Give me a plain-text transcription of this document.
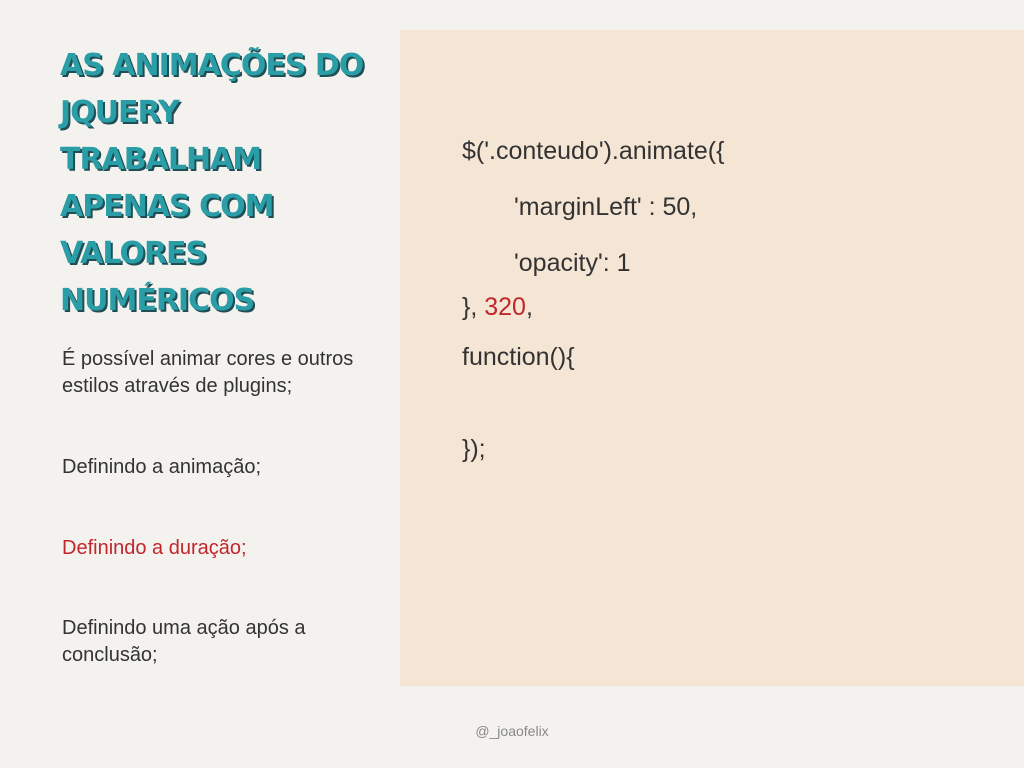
AS ANIMAÇÕES DO
JQUERY
TRABALHAM
APENAS COM
VALORES
NUMÉRICOS

É possível animar cores e outros estilos através de plugins;

Definindo a animação;

Definindo a duração;

Definindo uma ação após a conclusão;

$('.conteudo').animate({
'marginLeft' : 50,
'opacity': 1
}, 320,
function(){
});
@_joaofelix
